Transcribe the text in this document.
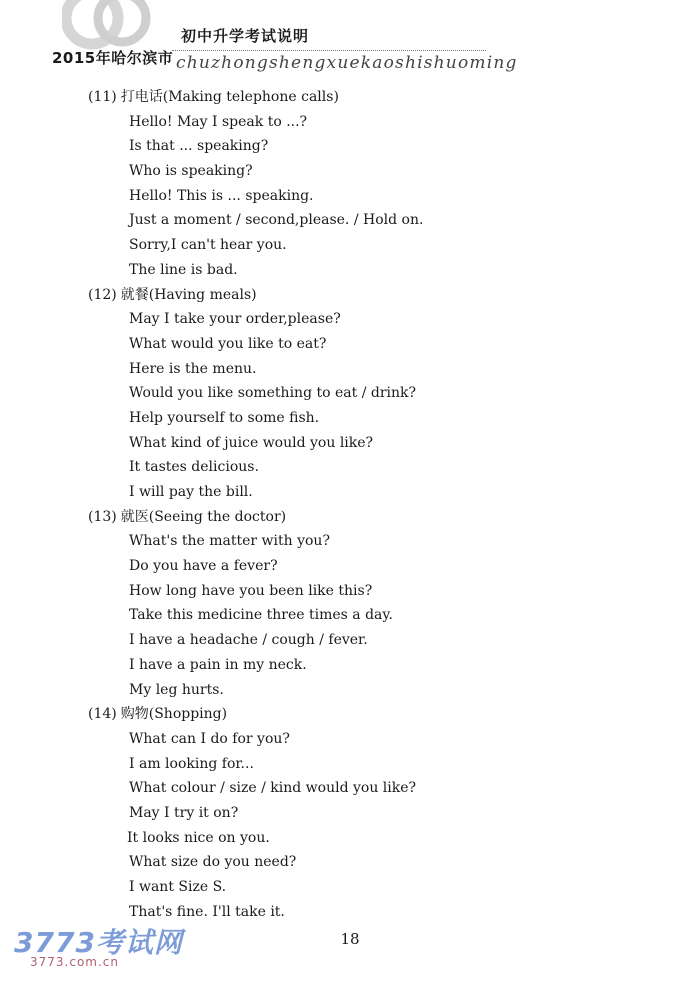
初中升学考试说明
2015年哈尔滨市 chuzhongshengxuekaoshishuoming
(11) 打电话(Making telephone calls)
Hello! May I speak to ...?
Is that ... speaking?
Who is speaking?
Hello! This is ... speaking.
Just a moment / second,please. / Hold on.
Sorry,I can't hear you.
The line is bad.
(12) 就餐(Having meals)
May I take your order,please?
What would you like to eat?
Here is the menu.
Would you like something to eat / drink?
Help yourself to some fish.
What kind of juice would you like?
It tastes delicious.
I will pay the bill.
(13) 就医(Seeing the doctor)
What's the matter with you?
Do you have a fever?
How long have you been like this?
Take this medicine three times a day.
I have a headache / cough / fever.
I have a pain in my neck.
My leg hurts.
(14) 购物(Shopping)
What can I do for you?
I am looking for...
What colour / size / kind would you like?
May I try it on?
It looks nice on you.
What size do you need?
I want Size S.
That's fine. I'll take it.
18
3773考试网
3773.com.cn
